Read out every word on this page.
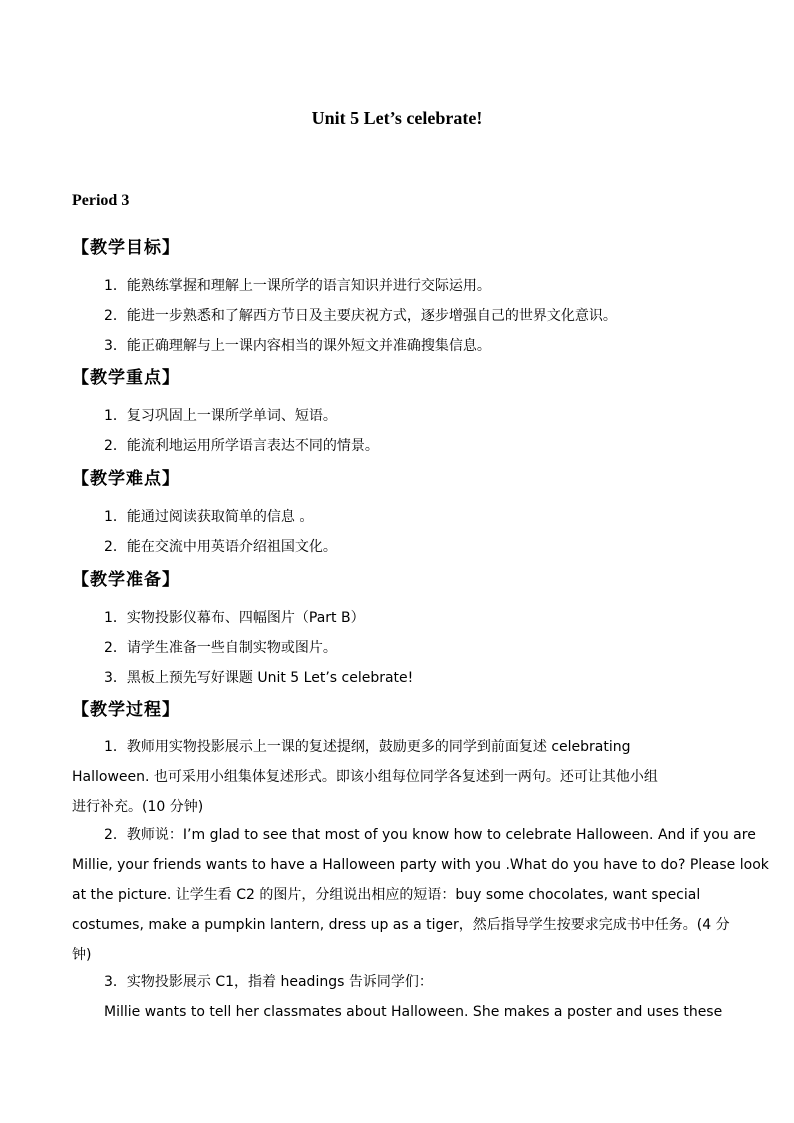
Unit 5 Let’s celebrate!
Period 3
【教学目标】
1．能熟练掌握和理解上一课所学的语言知识并进行交际运用。
2．能进一步熟悉和了解西方节日及主要庆祝方式，逐步增强自己的世界文化意识。
3．能正确理解与上一课内容相当的课外短文并准确搜集信息。
【教学重点】
1．复习巩固上一课所学单词、短语。
2．能流利地运用所学语言表达不同的情景。
【教学难点】
1．能通过阅读获取简单的信息 。
2．能在交流中用英语介绍祖国文化。
【教学准备】
1．实物投影仪幕布、四幅图片（Part B）
2．请学生准备一些自制实物或图片。
3．黑板上预先写好课题 Unit 5 Let’s celebrate!
【教学过程】
1．教师用实物投影展示上一课的复述提纲，鼓励更多的同学到前面复述 celebrating
Halloween. 也可采用小组集体复述形式。即该小组每位同学各复述到一两句。还可让其他小组
进行补充。(10 分钟)
2．教师说：I’m glad to see that most of you know how to celebrate Halloween. And if you are
Millie, your friends wants to have a Halloween party with you .What do you have to do? Please look
at the picture. 让学生看 C2 的图片，分组说出相应的短语：buy some chocolates, want special
costumes, make a pumpkin lantern, dress up as a tiger，然后指导学生按要求完成书中任务。(4 分
钟)
3．实物投影展示 C1，指着 headings 告诉同学们：
Millie wants to tell her classmates about Halloween. She makes a poster and uses these
